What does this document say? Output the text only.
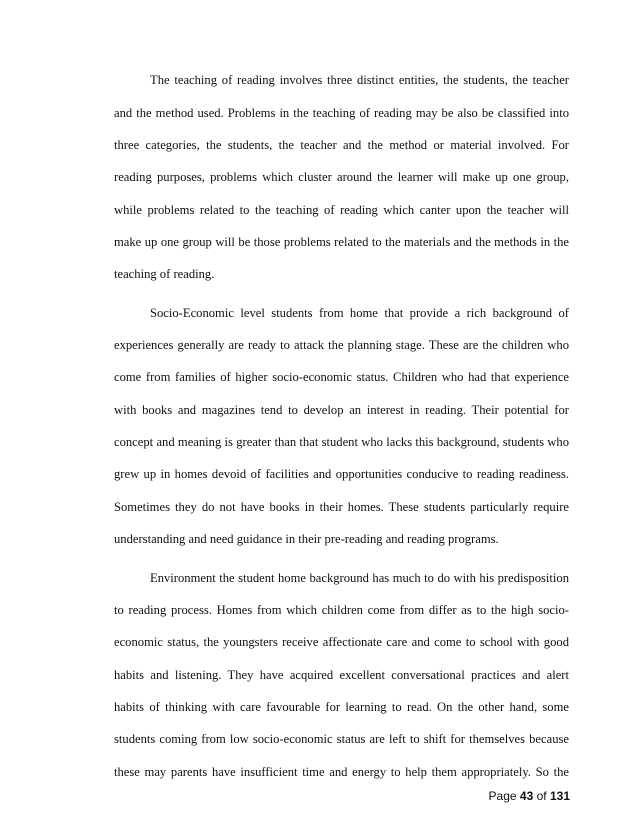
The teaching of reading involves three distinct entities, the students, the teacher
and the method used. Problems in the teaching of reading may be also be classified into
three categories, the students, the teacher and the method or material involved. For
reading purposes, problems which cluster around the learner will make up one group,
while problems related to the teaching of reading which canter upon the teacher will
make up one group will be those problems related to the materials and the methods in the
teaching of reading.
Socio-Economic level students from home that provide a rich background of
experiences generally are ready to attack the planning stage. These are the children who
come from families of higher socio-economic status. Children who had that experience
with books and magazines tend to develop an interest in reading. Their potential for
concept and meaning is greater than that student who lacks this background, students who
grew up in homes devoid of facilities and opportunities conducive to reading readiness.
Sometimes they do not have books in their homes. These students particularly require
understanding and need guidance in their pre-reading and reading programs.
Environment the student home background has much to do with his predisposition
to reading process. Homes from which children come from differ as to the high socio-
economic status, the youngsters receive affectionate care and come to school with good
habits and listening. They have acquired excellent conversational practices and alert
habits of thinking with care favourable for learning to read. On the other hand, some
students coming from low socio-economic status are left to shift for themselves because
these may parents have insufficient time and energy to help them appropriately. So the
Page 43 of 131
